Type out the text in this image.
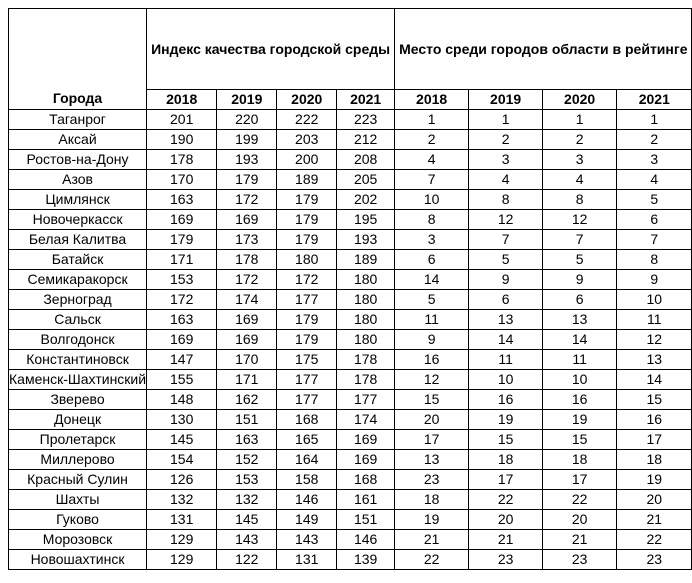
Города	Индекс качества городской среды				Место среди городов области в рейтинге			
	2018	2019	2020	2021	2018	2019	2020	2021
Таганрог	201	220	222	223	1	1	1	1
Аксай	190	199	203	212	2	2	2	2
Ростов-на-Дону	178	193	200	208	4	3	3	3
Азов	170	179	189	205	7	4	4	4
Цимлянск	163	172	179	202	10	8	8	5
Новочеркасск	169	169	179	195	8	12	12	6
Белая Калитва	179	173	179	193	3	7	7	7
Батайск	171	178	180	189	6	5	5	8
Семикаракорск	153	172	172	180	14	9	9	9
Зерноград	172	174	177	180	5	6	6	10
Сальск	163	169	179	180	11	13	13	11
Волгодонск	169	169	179	180	9	14	14	12
Константиновск	147	170	175	178	16	11	11	13
Каменск-Шахтинский	155	171	177	178	12	10	10	14
Зверево	148	162	177	177	15	16	16	15
Донецк	130	151	168	174	20	19	19	16
Пролетарск	145	163	165	169	17	15	15	17
Миллерово	154	152	164	169	13	18	18	18
Красный Сулин	126	153	158	168	23	17	17	19
Шахты	132	132	146	161	18	22	22	20
Гуково	131	145	149	151	19	20	20	21
Морозовск	129	143	143	146	21	21	21	22
Новошахтинск	129	122	131	139	22	23	23	23
